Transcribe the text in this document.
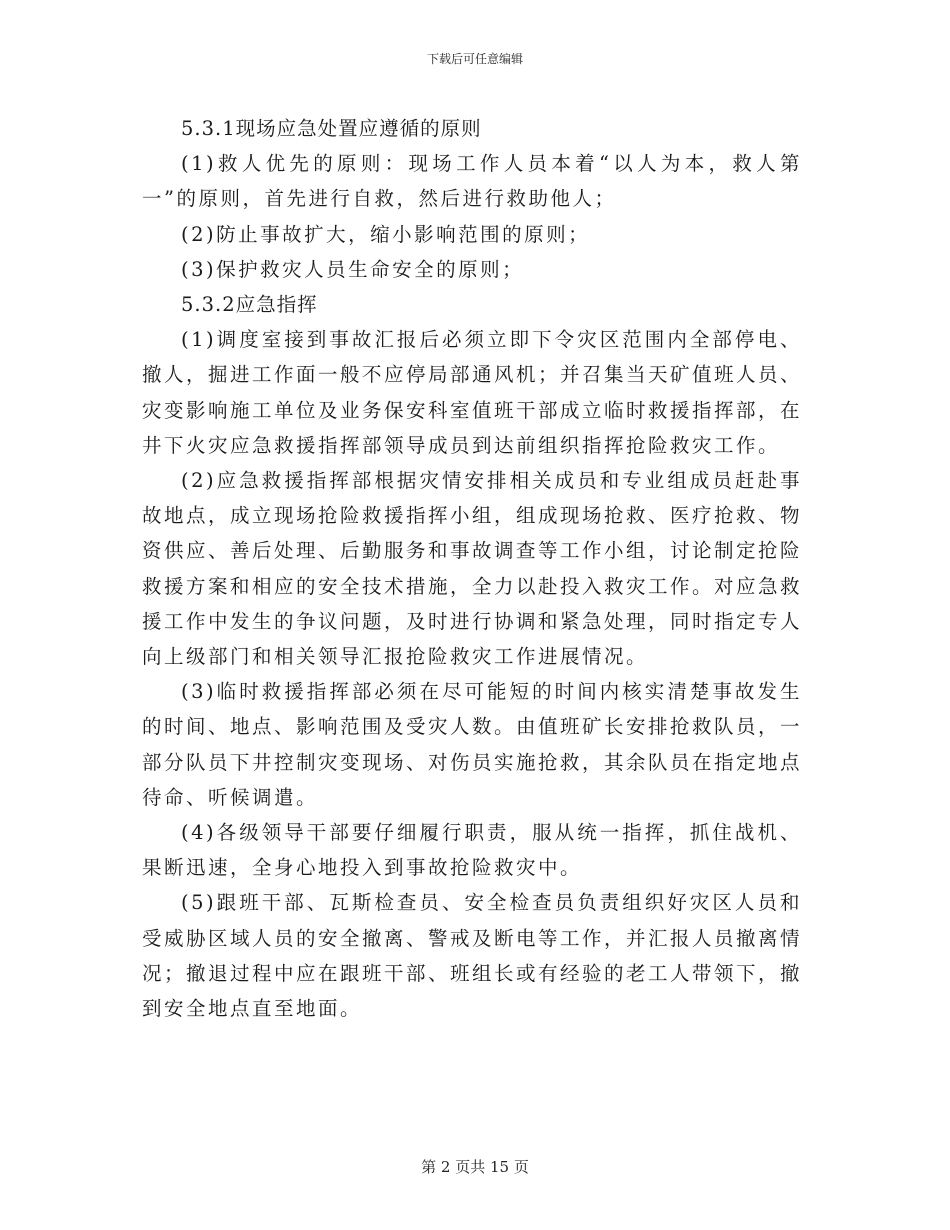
下载后可任意编辑

5.3.1现场应急处置应遵循的原则

(1)救人优先的原则：现场工作人员本着“以人为本，救人第一”的原则，首先进行自救，然后进行救助他人；

(2)防止事故扩大，缩小影响范围的原则；

(3)保护救灾人员生命安全的原则；

5.3.2应急指挥

(1)调度室接到事故汇报后必须立即下令灾区范围内全部停电、撤人，掘进工作面一般不应停局部通风机；并召集当天矿值班人员、灾变影响施工单位及业务保安科室值班干部成立临时救援指挥部，在井下火灾应急救援指挥部领导成员到达前组织指挥抢险救灾工作。

(2)应急救援指挥部根据灾情安排相关成员和专业组成员赶赴事故地点，成立现场抢险救援指挥小组，组成现场抢救、医疗抢救、物资供应、善后处理、后勤服务和事故调查等工作小组，讨论制定抢险救援方案和相应的安全技术措施，全力以赴投入救灾工作。对应急救援工作中发生的争议问题，及时进行协调和紧急处理，同时指定专人向上级部门和相关领导汇报抢险救灾工作进展情况。

(3)临时救援指挥部必须在尽可能短的时间内核实清楚事故发生的时间、地点、影响范围及受灾人数。由值班矿长安排抢救队员，一部分队员下井控制灾变现场、对伤员实施抢救，其余队员在指定地点待命、听候调遣。

(4)各级领导干部要仔细履行职责，服从统一指挥，抓住战机、果断迅速，全身心地投入到事故抢险救灾中。

(5)跟班干部、瓦斯检查员、安全检查员负责组织好灾区人员和受威胁区域人员的安全撤离、警戒及断电等工作，并汇报人员撤离情况；撤退过程中应在跟班干部、班组长或有经验的老工人带领下，撤到安全地点直至地面。

第 2 页共 15 页
